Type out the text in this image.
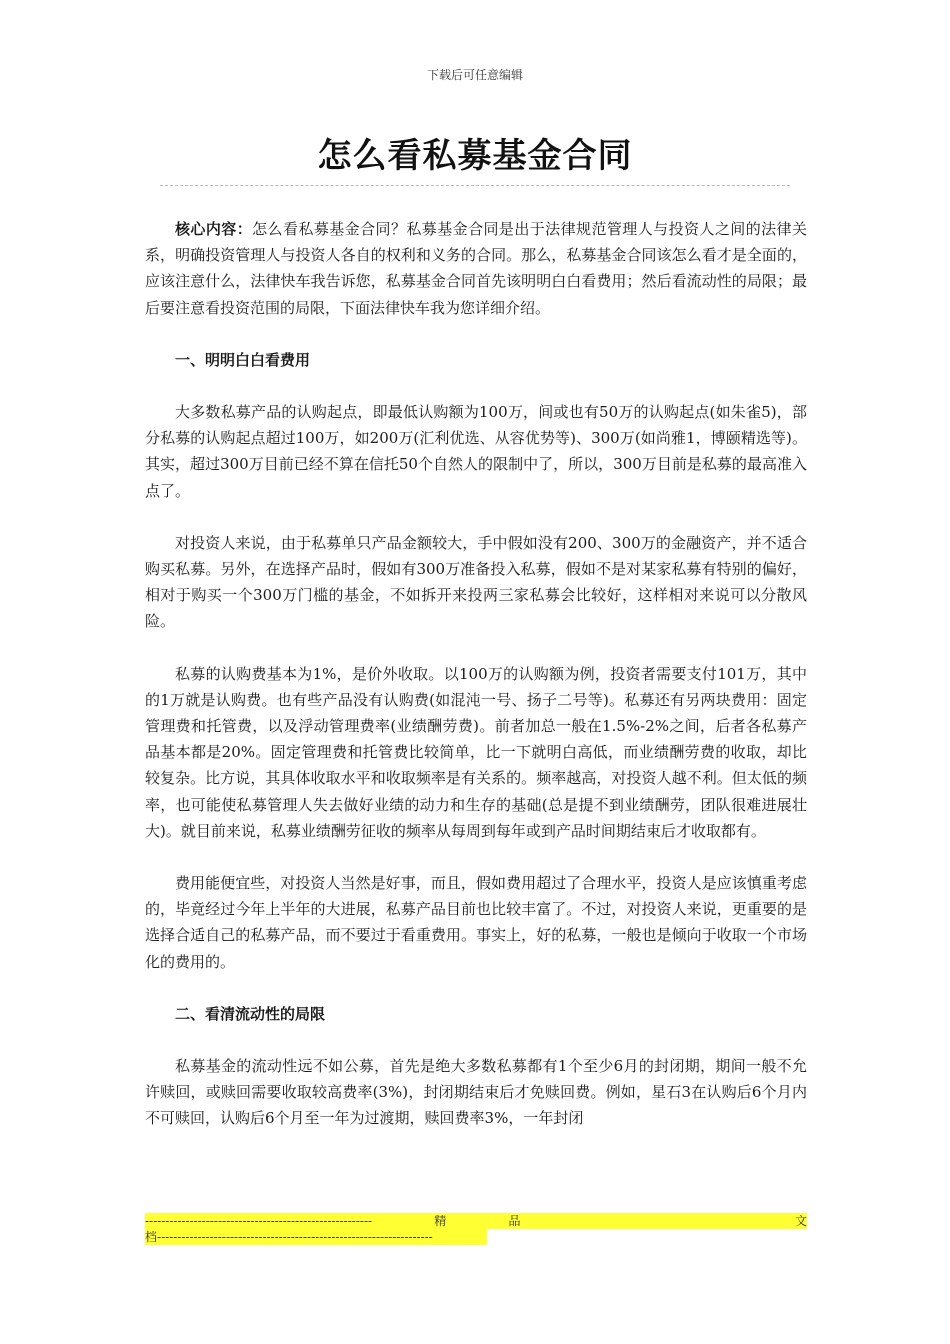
下载后可任意编辑
怎么看私募基金合同

核心内容：怎么看私募基金合同？私募基金合同是出于法律规范管理人与投资人之间的法律关系，明确投资管理人与投资人各自的权利和义务的合同。那么，私募基金合同该怎么看才是全面的，应该注意什么，法律快车我告诉您，私募基金合同首先该明明白白看费用；然后看流动性的局限；最后要注意看投资范围的局限，下面法律快车我为您详细介绍。

一、明明白白看费用

大多数私募产品的认购起点，即最低认购额为100万，间或也有50万的认购起点(如朱雀5)，部分私募的认购起点超过100万，如200万(汇利优选、从容优势等)、300万(如尚雅1，博颐精选等)。其实，超过300万目前已经不算在信托50个自然人的限制中了，所以，300万目前是私募的最高准入点了。

对投资人来说，由于私募单只产品金额较大，手中假如没有200、300万的金融资产，并不适合购买私募。另外，在选择产品时，假如有300万准备投入私募，假如不是对某家私募有特别的偏好，相对于购买一个300万门槛的基金，不如拆开来投两三家私募会比较好，这样相对来说可以分散风险。

私募的认购费基本为1%，是价外收取。以100万的认购额为例，投资者需要支付101万，其中的1万就是认购费。也有些产品没有认购费(如混沌一号、扬子二号等)。私募还有另两块费用：固定管理费和托管费，以及浮动管理费率(业绩酬劳费)。前者加总一般在1.5%-2%之间，后者各私募产品基本都是20%。固定管理费和托管费比较简单，比一下就明白高低，而业绩酬劳费的收取，却比较复杂。比方说，其具体收取水平和收取频率是有关系的。频率越高，对投资人越不利。但太低的频率，也可能使私募管理人失去做好业绩的动力和生存的基础(总是提不到业绩酬劳，团队很难进展壮大)。就目前来说，私募业绩酬劳征收的频率从每周到每年或到产品时间期结束后才收取都有。

费用能便宜些，对投资人当然是好事，而且，假如费用超过了合理水平，投资人是应该慎重考虑的，毕竟经过今年上半年的大进展，私募产品目前也比较丰富了。不过，对投资人来说，更重要的是选择合适自己的私募产品，而不要过于看重费用。事实上，好的私募，一般也是倾向于收取一个市场化的费用的。

二、看清流动性的局限

私募基金的流动性远不如公募，首先是绝大多数私募都有1个至少6月的封闭期，期间一般不允许赎回，或赎回需要收取较高费率(3%)，封闭期结束后才免赎回费。例如，星石3在认购后6个月内不可赎回，认购后6个月至一年为过渡期，赎回费率3%，一年封闭

--------------------------------------------------------	精	品	文
档--------------------------------------------------------------------
